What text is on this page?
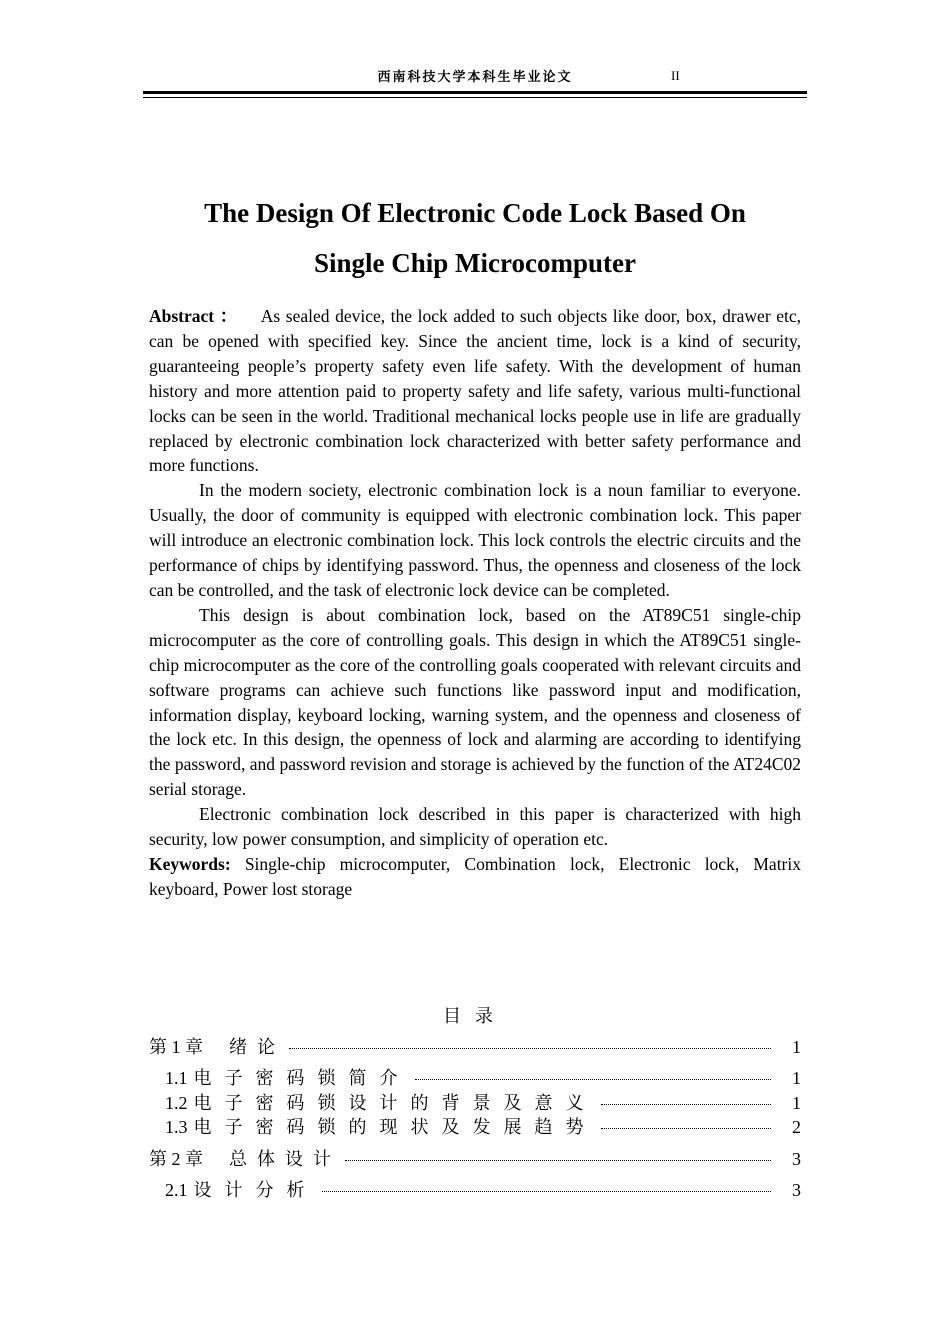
西南科技大学本科生毕业论文	II
The Design Of Electronic Code Lock Based On
Single Chip Microcomputer

Abstract ： As sealed device, the lock added to such objects like door, box, drawer etc, can be opened with specified key. Since the ancient time, lock is a kind of security, guaranteeing people’s property safety even life safety. With the development of human history and more attention paid to property safety and life safety, various multi-functional locks can be seen in the world. Traditional mechanical locks people use in life are gradually replaced by electronic combination lock characterized with better safety performance and more functions.

In the modern society, electronic combination lock is a noun familiar to everyone. Usually, the door of community is equipped with electronic combination lock. This paper will introduce an electronic combination lock. This lock controls the electric circuits and the performance of chips by identifying password. Thus, the openness and closeness of the lock can be controlled, and the task of electronic lock device can be completed.

This design is about combination lock, based on the AT89C51 single-chip microcomputer as the core of controlling goals. This design in which the AT89C51 single-chip microcomputer as the core of the controlling goals cooperated with relevant circuits and software programs can achieve such functions like password input and modification, information display, keyboard locking, warning system, and the openness and closeness of the lock etc. In this design, the openness of lock and alarming are according to identifying the password, and password revision and storage is achieved by the function of the AT24C02 serial storage.

Electronic combination lock described in this paper is characterized with high security, low power consumption, and simplicity of operation etc.

Keywords: Single-chip microcomputer, Combination lock, Electronic lock, Matrix keyboard, Power lost storage

目录
第 1 章 绪论	1
1.1 电子密码锁简介	1
1.2 电子密码锁设计的背景及意义	1
1.3 电子密码锁的现状及发展趋势	2
第 2 章 总体设计	3
2.1 设计分析	3
